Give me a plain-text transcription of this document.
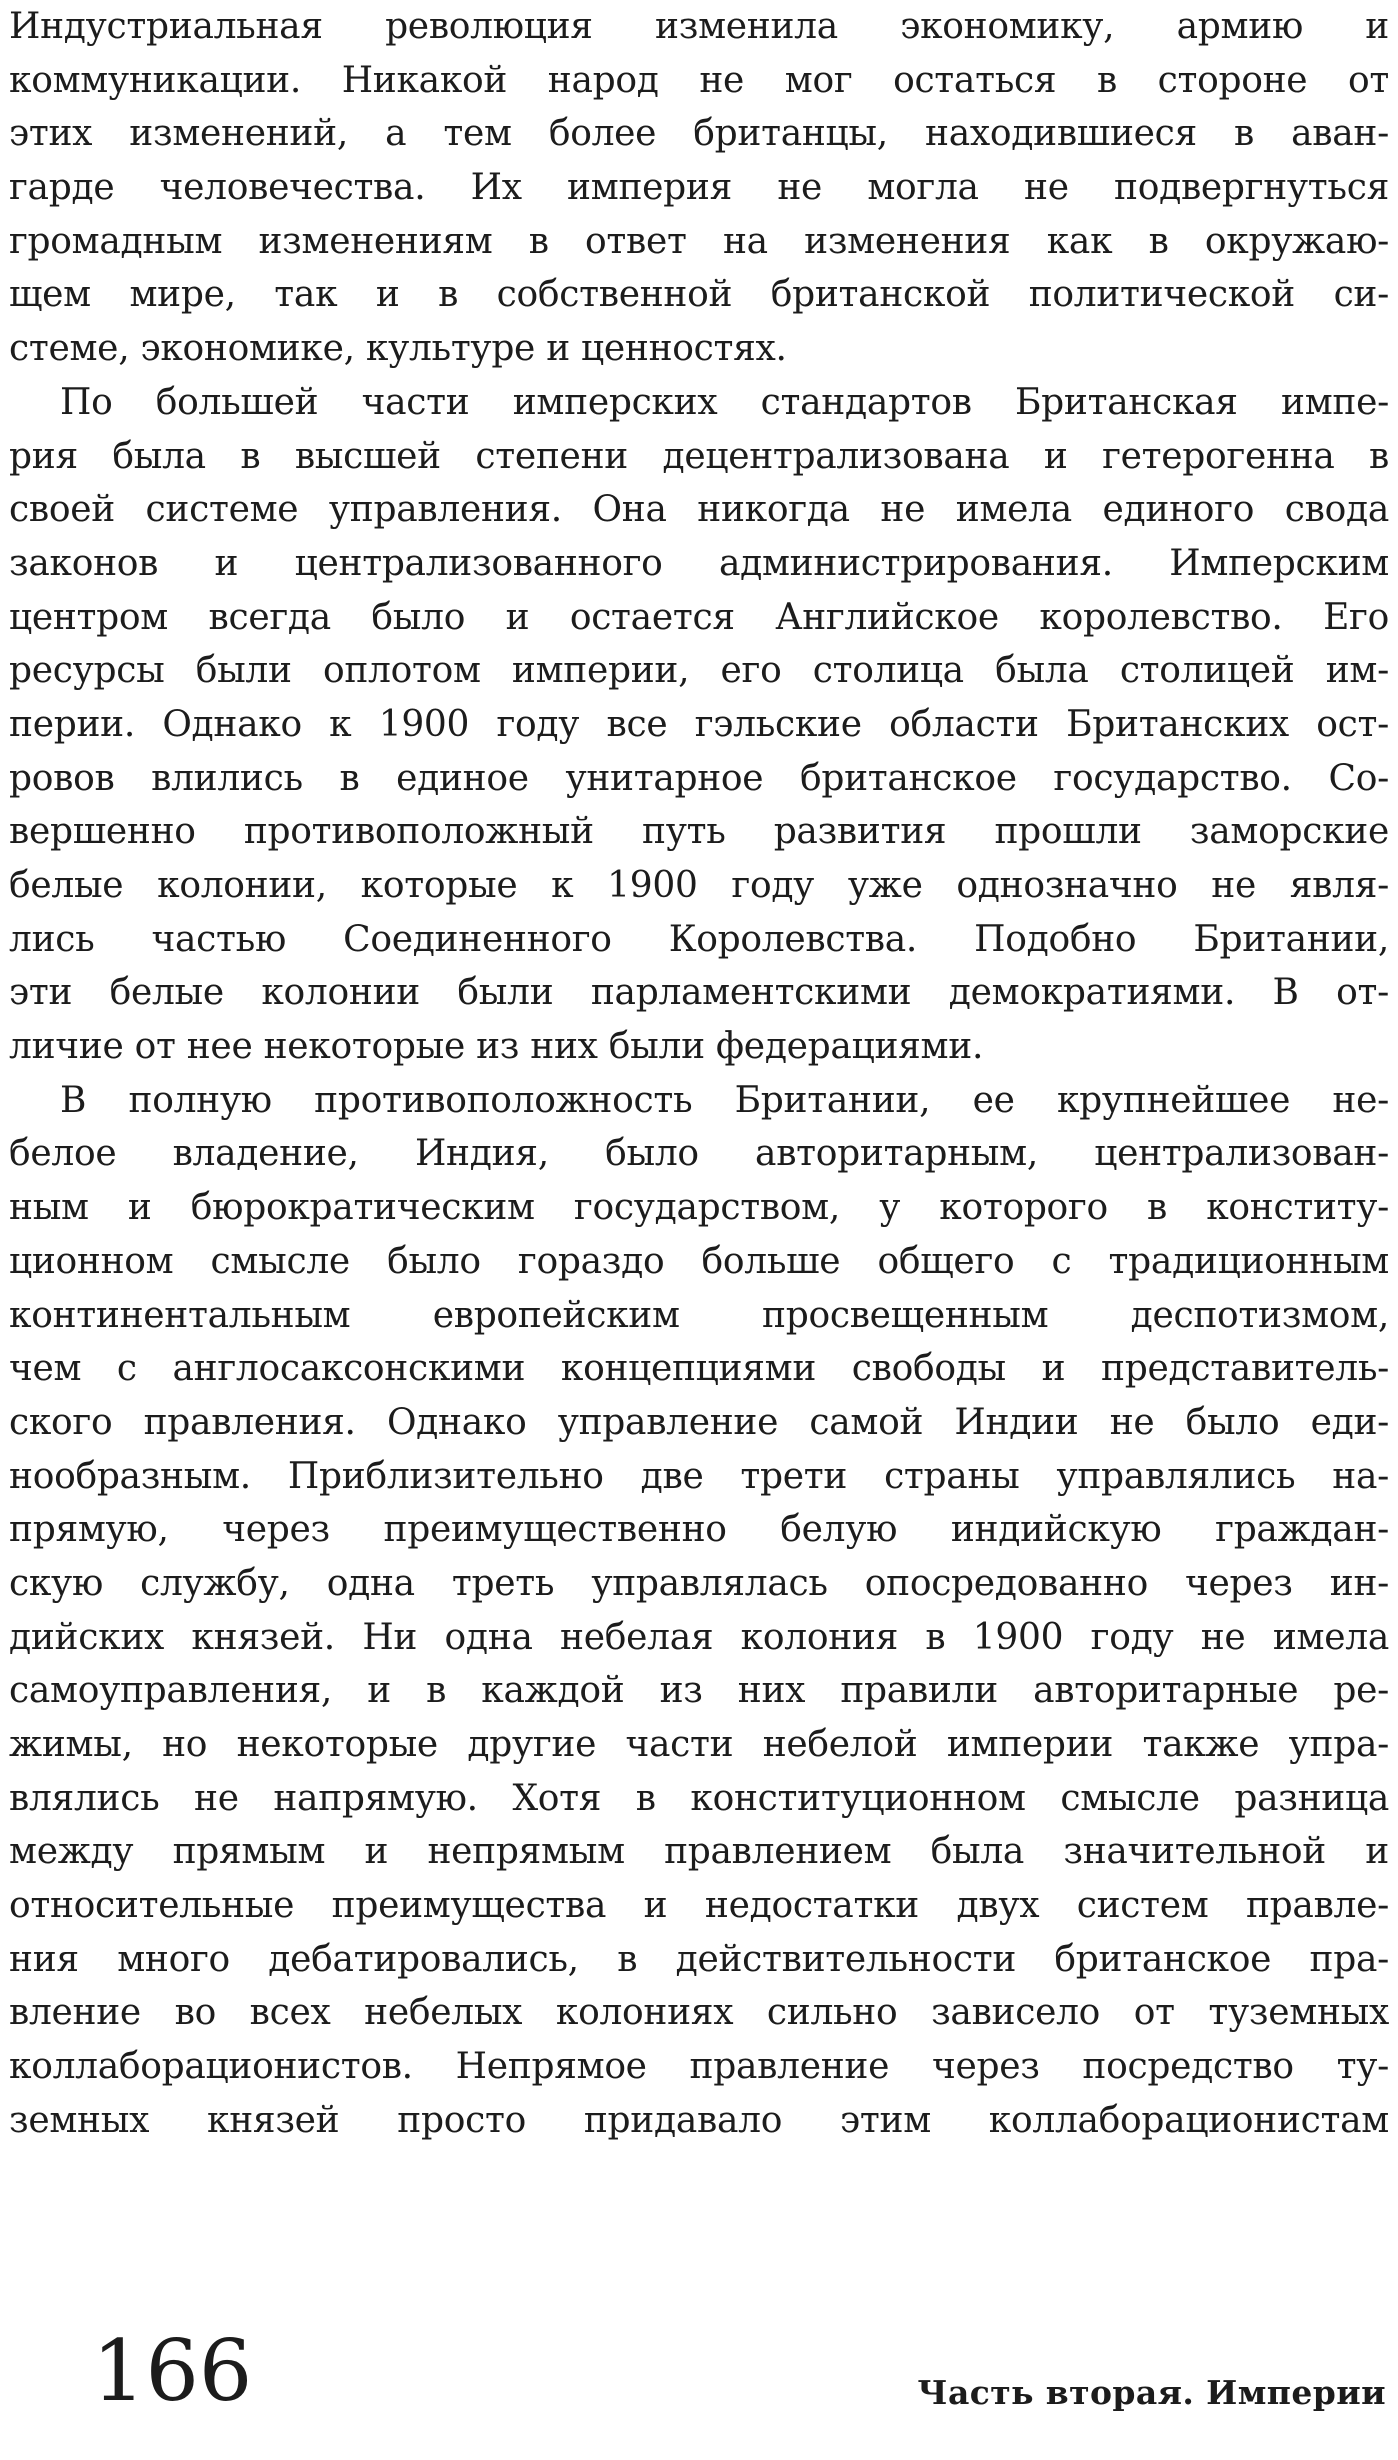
Индустриальная революция изменила экономику, армию и
коммуникации. Никакой народ не мог остаться в стороне от
этих изменений, а тем более британцы, находившиеся в аван-
гарде человечества. Их империя не могла не подвергнуться
громадным изменениям в ответ на изменения как в окружаю-
щем мире, так и в собственной британской политической си-
стеме, экономике, культуре и ценностях.
По большей части имперских стандартов Британская импе-
рия была в высшей степени децентрализована и гетерогенна в
своей системе управления. Она никогда не имела единого свода
законов и централизованного администрирования. Имперским
центром всегда было и остается Английское королевство. Его
ресурсы были оплотом империи, его столица была столицей им-
перии. Однако к 1900 году все гэльские области Британских ост-
ровов влились в единое унитарное британское государство. Со-
вершенно противоположный путь развития прошли заморские
белые колонии, которые к 1900 году уже однозначно не явля-
лись частью Соединенного Королевства. Подобно Британии,
эти белые колонии были парламентскими демократиями. В от-
личие от нее некоторые из них были федерациями.
В полную противоположность Британии, ее крупнейшее не-
белое владение, Индия, было авторитарным, централизован-
ным и бюрократическим государством, у которого в конститу-
ционном смысле было гораздо больше общего с традиционным
континентальным европейским просвещенным деспотизмом,
чем с англосаксонскими концепциями свободы и представитель-
ского правления. Однако управление самой Индии не было еди-
нообразным. Приблизительно две трети страны управлялись на-
прямую, через преимущественно белую индийскую граждан-
скую службу, одна треть управлялась опосредованно через ин-
дийских князей. Ни одна небелая колония в 1900 году не имела
самоуправления, и в каждой из них правили авторитарные ре-
жимы, но некоторые другие части небелой империи также упра-
влялись не напрямую. Хотя в конституционном смысле разница
между прямым и непрямым правлением была значительной и
относительные преимущества и недостатки двух систем правле-
ния много дебатировались, в действительности британское пра-
вление во всех небелых колониях сильно зависело от туземных
коллаборационистов. Непрямое правление через посредство ту-
земных князей просто придавало этим коллаборационистам
166	Часть вторая. Империи
